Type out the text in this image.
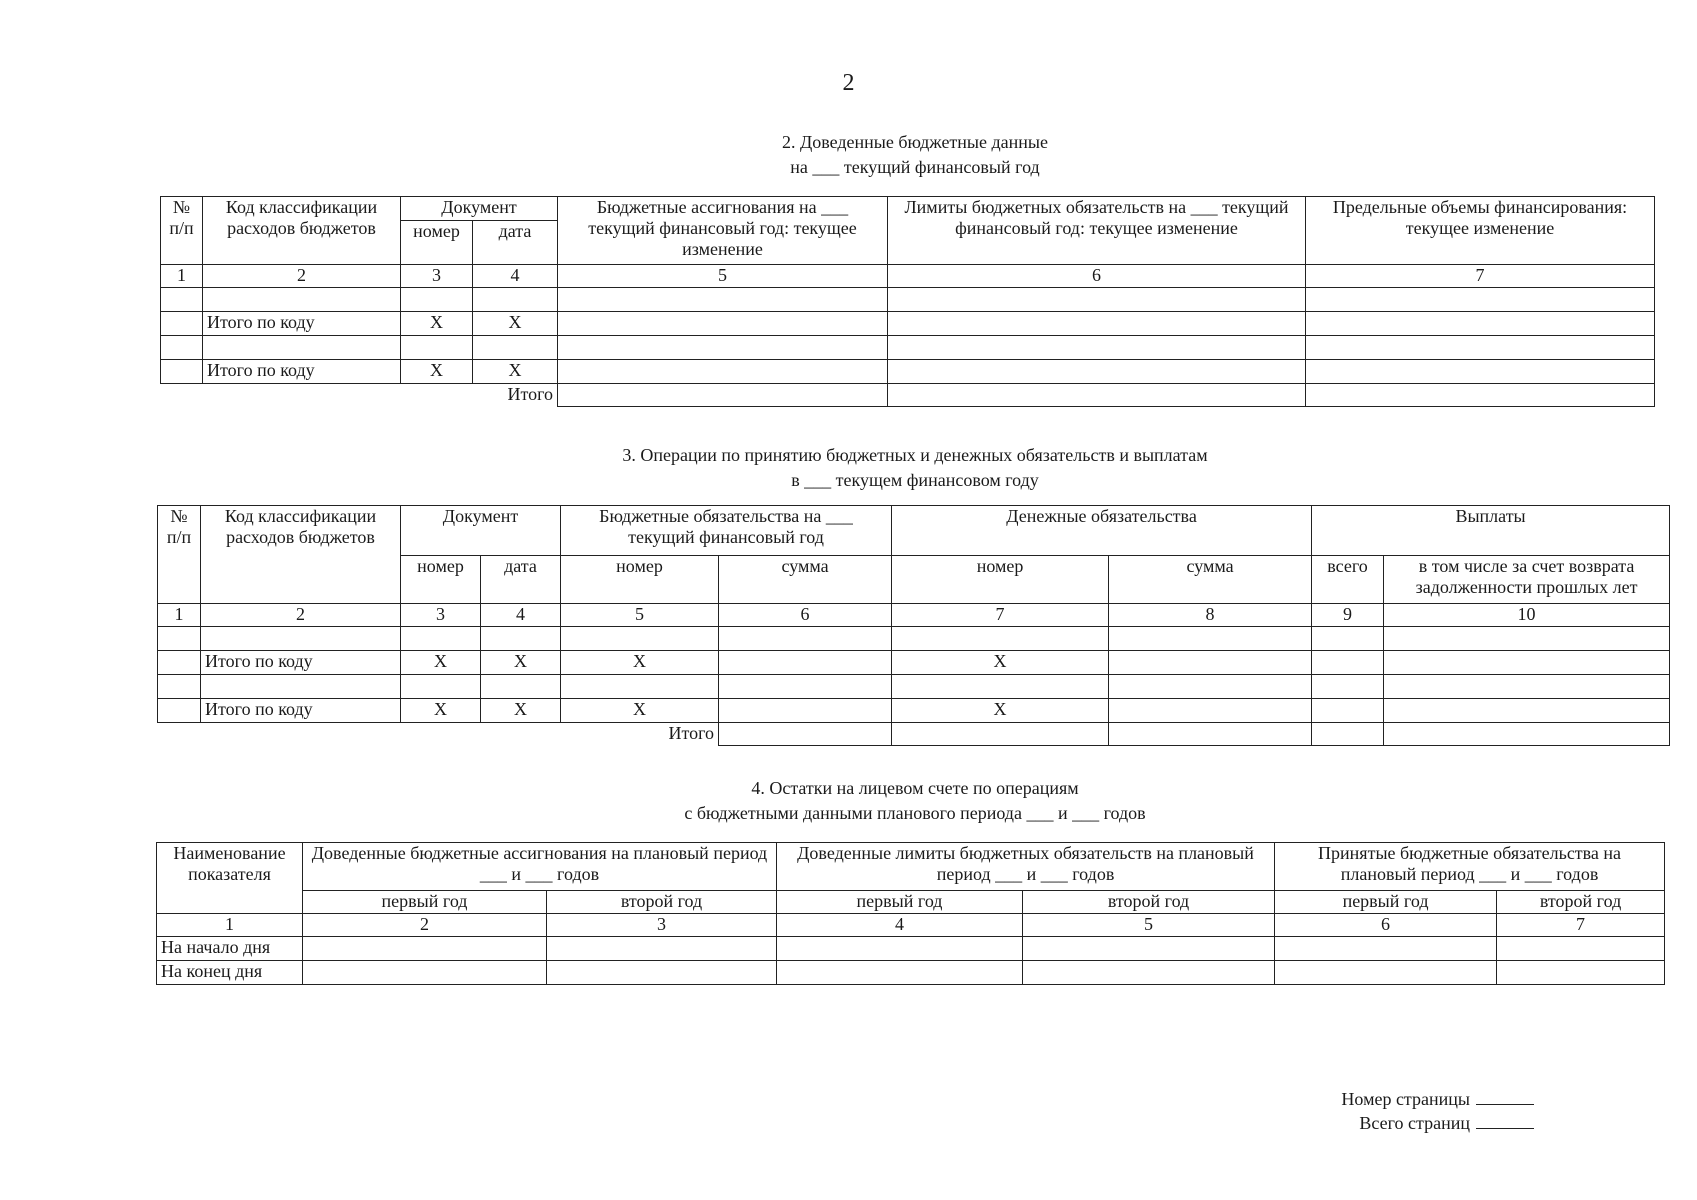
2
2. Доведенные бюджетные данные
на ___ текущий финансовый год
№ п/п	Код классификации расходов бюджетов	Документ		Бюджетные ассигнования на ___ текущий финансовый год: текущее изменение	Лимиты бюджетных обязательств на ___ текущий финансовый год: текущее изменение	Предельные объемы финансирования: текущее изменение
		номер	дата			
1	2	3	4	5	6	7

	Итого по коду	X	X			

	Итого по коду	X	X			
			Итого			
3. Операции по принятию бюджетных и денежных обязательств и выплатам
в ___ текущем финансовом году
№ п/п	Код классификации расходов бюджетов	Документ		Бюджетные обязательства на ___ текущий финансовый год		Денежные обязательства		Выплаты	
		номер	дата	номер	сумма	номер	сумма	всего	в том числе за счет возврата задолженности прошлых лет
1	2	3	4	5	6	7	8	9	10

	Итого по коду	X	X	X		X			

	Итого по коду	X	X	X		X			
				Итого					
4. Остатки на лицевом счете по операциям
с бюджетными данными планового периода ___ и ___ годов
Наименование показателя	Доведенные бюджетные ассигнования на плановый период ___ и ___ годов		Доведенные лимиты бюджетных обязательств на плановый период ___ и ___ годов		Принятые бюджетные обязательства на плановый период ___ и ___ годов	
	первый год	второй год	первый год	второй год	первый год	второй год
1	2	3	4	5	6	7
На начало дня						
На конец дня						
Номер страницы
Всего страниц
